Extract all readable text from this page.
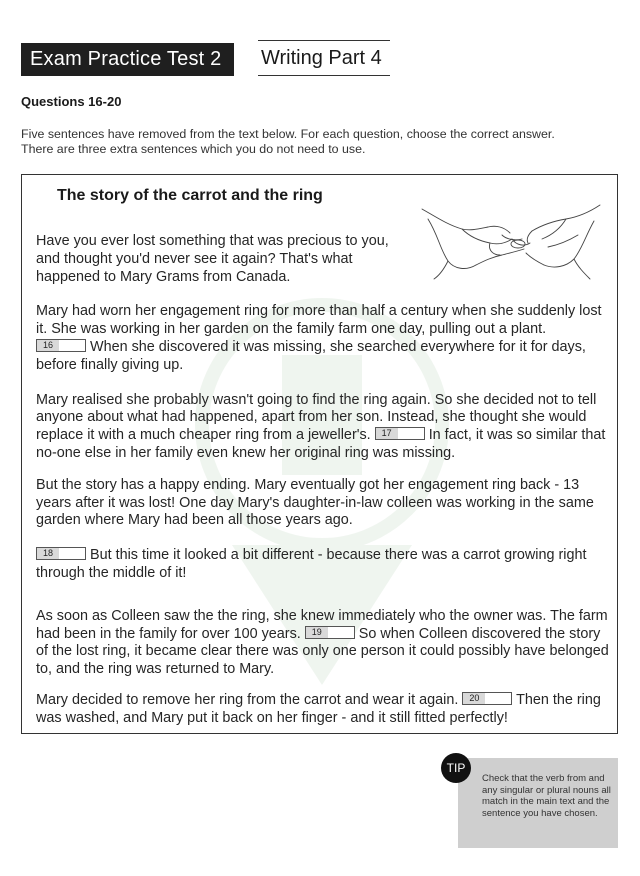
Exam Practice Test 2	Writing Part 4
Questions 16-20
Five sentences have removed from the text below. For each question, choose the correct answer.
There are three extra sentences which you do not need to use.
The story of the carrot and the ring

Have you ever lost something that was precious to you, and thought you'd never see it again? That's what happened to Mary Grams from Canada.

Mary had worn her engagement ring for more than half a century when she suddenly lost it. She was working in her garden on the family farm one day, pulling out a plant.

16	When she discovered it was missing, she searched everywhere for it for days, before finally giving up.

Mary realised she probably wasn't going to find the ring again. So she decided not to tell anyone about what had happened, apart from her son. Instead, she thought she would replace it with a much cheaper ring from a jeweller's.	17	In fact, it was so similar that no-one else in her family even knew her original ring was missing.

But the story has a happy ending. Mary eventually got her engagement ring back - 13 years after it was lost! One day Mary's daughter-in-law colleen was working in the same garden where Mary had been all those years ago.

18	But this time it looked a bit different - because there was a carrot growing right through the middle of it!

As soon as Colleen saw the the ring, she knew immediately who the owner was. The farm had been in the family for over 100 years.	19	So when Colleen discovered the story of the lost ring, it became clear there was only one person it could possibly have belonged to, and the ring was returned to Mary.

Mary decided to remove her ring from the carrot and wear it again.	20	Then the ring was washed, and Mary put it back on her finger - and it still fitted perfectly!

TIP
Check that the verb from and any singular or plural nouns all match in the main text and the sentence you have chosen.
